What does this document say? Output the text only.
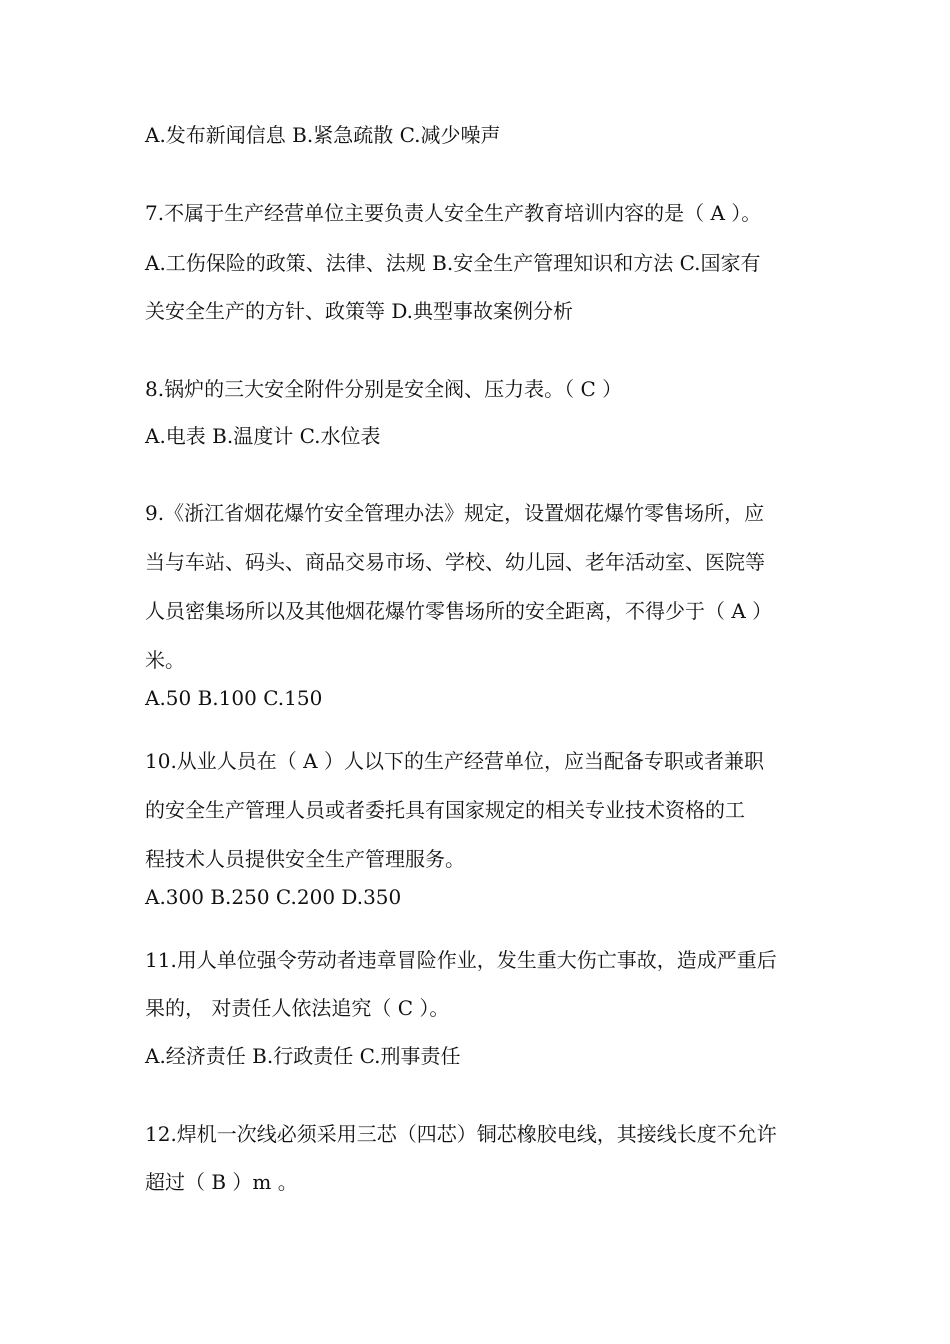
A.发布新闻信息 B.紧急疏散 C.减少噪声
7.不属于生产经营单位主要负责人安全生产教育培训内容的是（ A ）。
A.工伤保险的政策、法律、法规 B.安全生产管理知识和方法 C.国家有
关安全生产的方针、政策等 D.典型事故案例分析
8.锅炉的三大安全附件分别是安全阀、压力表。（ C ）
A.电表 B.温度计 C.水位表
9.《浙江省烟花爆竹安全管理办法》规定，设置烟花爆竹零售场所，应
当与车站、码头、商品交易市场、学校、幼儿园、老年活动室、医院等
人员密集场所以及其他烟花爆竹零售场所的安全距离，不得少于（ A ）
米。
A.50 B.100 C.150
10.从业人员在（ A ）人以下的生产经营单位，应当配备专职或者兼职
的安全生产管理人员或者委托具有国家规定的相关专业技术资格的工
程技术人员提供安全生产管理服务。
A.300 B.250 C.200 D.350
11.用人单位强令劳动者违章冒险作业，发生重大伤亡事故，造成严重后
果的， 对责任人依法追究（ C ）。
A.经济责任 B.行政责任 C.刑事责任
12.焊机一次线必须采用三芯（四芯）铜芯橡胶电线，其接线长度不允许
超过（ B ）m 。
